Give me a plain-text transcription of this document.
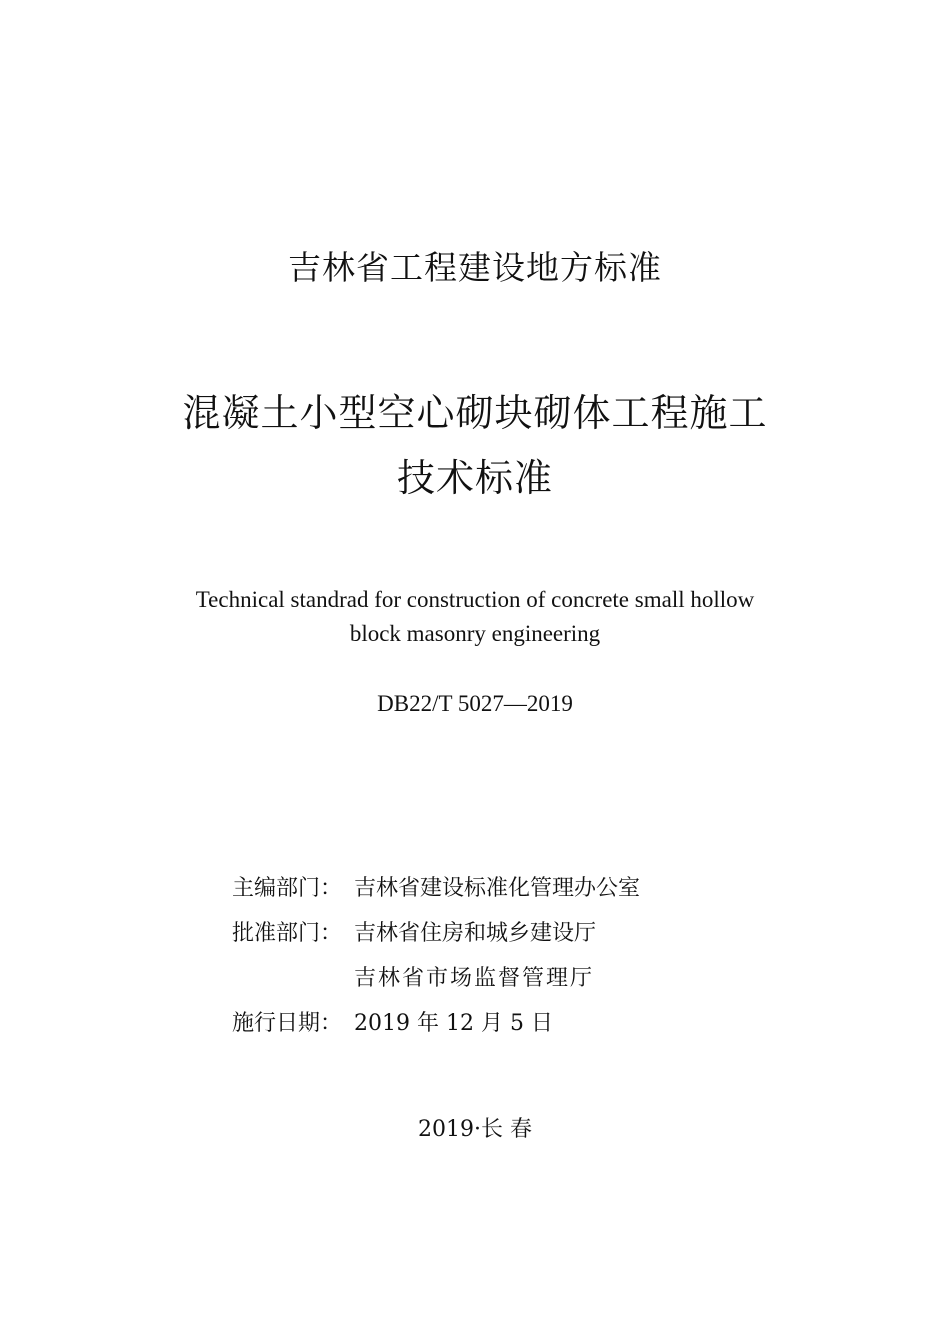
吉林省工程建设地方标准
混凝土小型空心砌块砌体工程施工
技术标准
Technical standrad for construction of concrete small hollow
block masonry engineering
DB22/T 5027—2019
主编部门： 吉林省建设标准化管理办公室
批准部门： 吉林省住房和城乡建设厅
吉林省市场监督管理厅
施行日期： 2019 年 12 月 5 日
2019·长 春
